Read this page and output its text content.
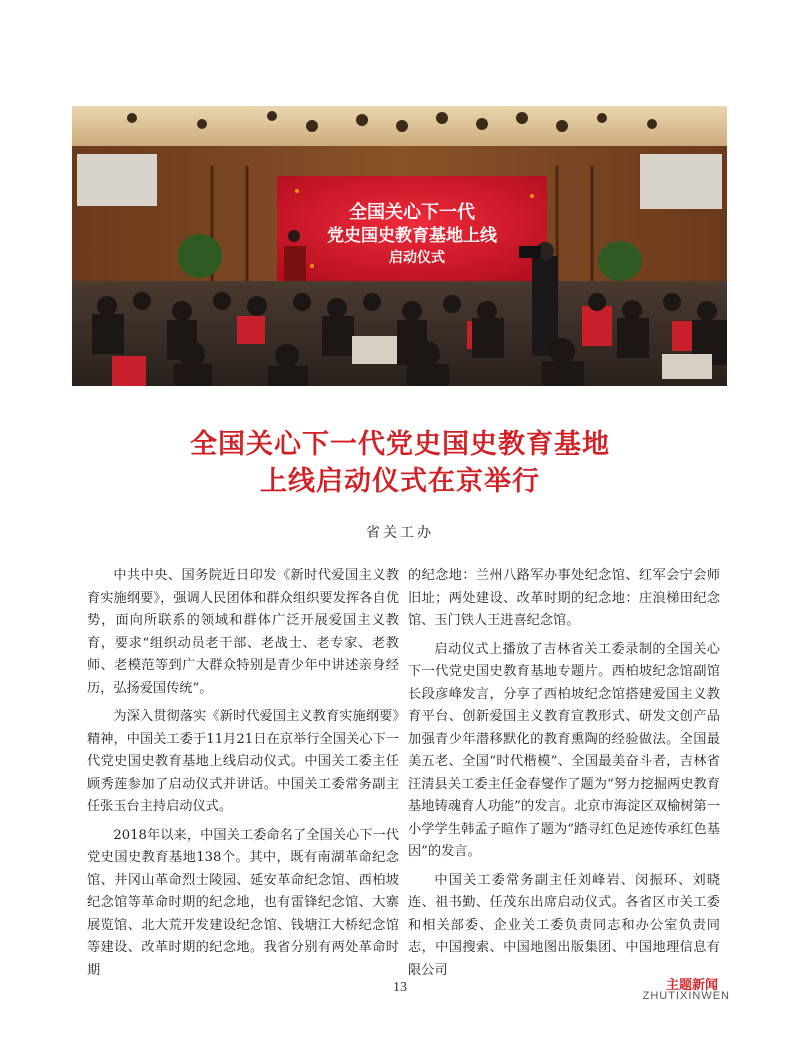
全国关心下一代
党史国史教育基地上线
启动仪式
全国关心下一代党史国史教育基地
上线启动仪式在京举行
省关工办

中共中央、国务院近日印发《新时代爱国主义教育实施纲要》，强调人民团体和群众组织要发挥各自优势，面向所联系的领域和群体广泛开展爱国主义教育，要求“组织动员老干部、老战士、老专家、老教师、老模范等到广大群众特别是青少年中讲述亲身经历，弘扬爱国传统”。

为深入贯彻落实《新时代爱国主义教育实施纲要》精神，中国关工委于11月21日在京举行全国关心下一代党史国史教育基地上线启动仪式。中国关工委主任顾秀莲参加了启动仪式并讲话。中国关工委常务副主任张玉台主持启动仪式。

2018年以来，中国关工委命名了全国关心下一代党史国史教育基地138个。其中，既有南湖革命纪念馆、井冈山革命烈士陵园、延安革命纪念馆、西柏坡纪念馆等革命时期的纪念地，也有雷锋纪念馆、大寨展览馆、北大荒开发建设纪念馆、钱塘江大桥纪念馆等建设、改革时期的纪念地。我省分别有两处革命时期

的纪念地：兰州八路军办事处纪念馆、红军会宁会师旧址；两处建设、改革时期的纪念地：庄浪梯田纪念馆、玉门铁人王进喜纪念馆。

启动仪式上播放了吉林省关工委录制的全国关心下一代党史国史教育基地专题片。西柏坡纪念馆副馆长段彦峰发言，分享了西柏坡纪念馆搭建爱国主义教育平台、创新爱国主义教育宣教形式、研发文创产品加强青少年潜移默化的教育熏陶的经验做法。全国最美五老、全国“时代楷模”、全国最美奋斗者，吉林省汪清县关工委主任金春燮作了题为“努力挖掘两史教育基地铸魂育人功能”的发言。北京市海淀区双榆树第一小学学生韩孟子暄作了题为“踏寻红色足迹传承红色基因”的发言。

中国关工委常务副主任刘峰岩、闵振环、刘晓连、祖书勤、任茂东出席启动仪式。各省区市关工委和相关部委、企业关工委负责同志和办公室负责同志，中国搜索、中国地图出版集团、中国地理信息有限公司

13	主题新闻
ZHUTIXINWEN
